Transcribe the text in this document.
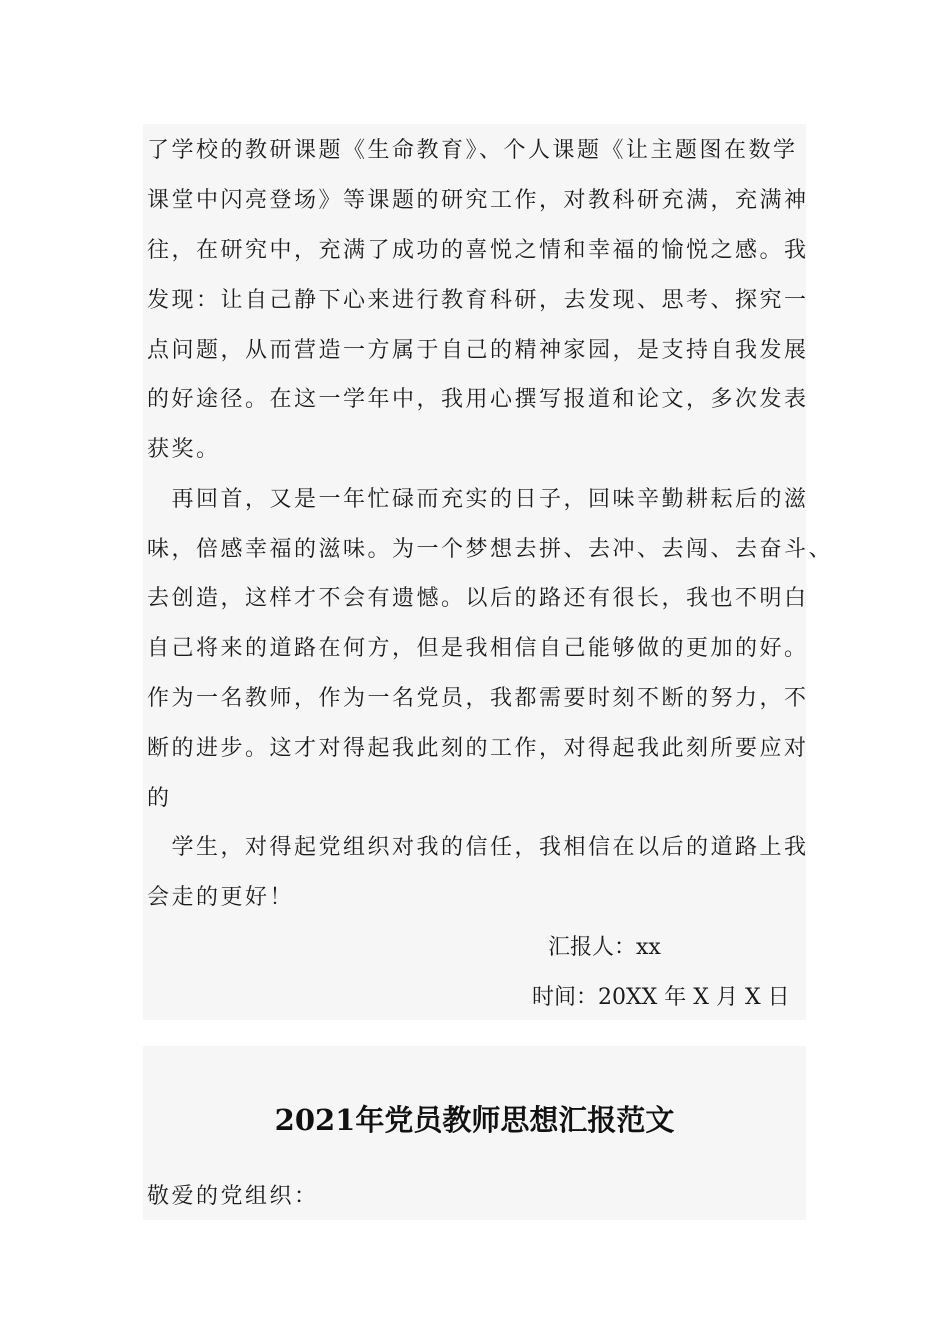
了学校的教研课题《生命教育》、个人课题《让主题图在数学
课堂中闪亮登场》等课题的研究工作，对教科研充满，充满神
往，在研究中，充满了成功的喜悦之情和幸福的愉悦之感。我
发现：让自己静下心来进行教育科研，去发现、思考、探究一
点问题，从而营造一方属于自己的精神家园，是支持自我发展
的好途径。在这一学年中，我用心撰写报道和论文，多次发表
获奖。
　再回首，又是一年忙碌而充实的日子，回味辛勤耕耘后的滋
味，倍感幸福的滋味。为一个梦想去拼、去冲、去闯、去奋斗、
去创造，这样才不会有遗憾。以后的路还有很长，我也不明白
自己将来的道路在何方，但是我相信自己能够做的更加的好。
作为一名教师，作为一名党员，我都需要时刻不断的努力，不
断的进步。这才对得起我此刻的工作，对得起我此刻所要应对
的
　学生，对得起党组织对我的信任，我相信在以后的道路上我
会走的更好！
汇报人：xx
时间：20XX 年 X 月 X 日
2021年党员教师思想汇报范文
敬爱的党组织：
